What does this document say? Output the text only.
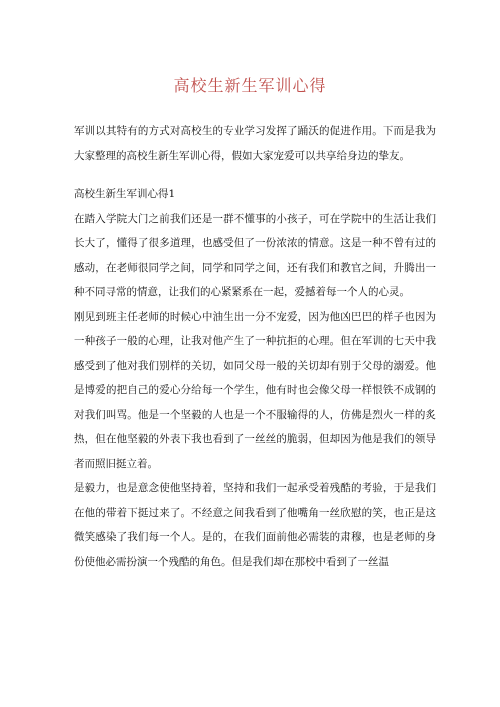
高校生新生军训心得

军训以其特有的方式对高校生的专业学习发挥了踊沃的促进作用。下而是我为大家整理的高校生新生军训心得，假如大家宠爱可以共享给身边的挚友。

高校生新生军训心得1

在踏入学院大门之前我们还是一群不懂事的小孩子，可在学院中的生活让我们长大了，懂得了很多道理，也感受但了一份浓浓的情意。这是一种不曾有过的感动，在老师很同学之间，同学和同学之间，还有我们和教官之间，升腾出一种不同寻常的情意，让我们的心紧紧系在一起，爱撼着每一个人的心灵。

刚见到班主任老师的时候心中油生出一分不宠爱，因为他凶巴巴的样子也因为一种孩子一般的心理，让我对他产生了一种抗拒的心理。但在军训的七天中我感受到了他对我们别样的关切，如同父母一般的关切却有别于父母的溺爱。他是博爱的把自己的爱心分给每一个学生，他有时也会像父母一样恨铁不成钢的对我们叫骂。他是一个坚毅的人也是一个不服输得的人，仿佛是烈火一样的炙热，但在他坚毅的外表下我也看到了一丝丝的脆弱，但却因为他是我们的领导者而照旧挺立着。

是毅力，也是意念使他坚持着，坚持和我们一起承受着残酷的考验，于是我们在他的带着下挺过来了。不经意之间我看到了他嘴角一丝欣慰的笑，也正是这微笑感染了我们每一个人。是的，在我们面前他必需装的肃穆，也是老师的身份使他必需扮演一个残酷的角色。但是我们却在那校中看到了一丝温
